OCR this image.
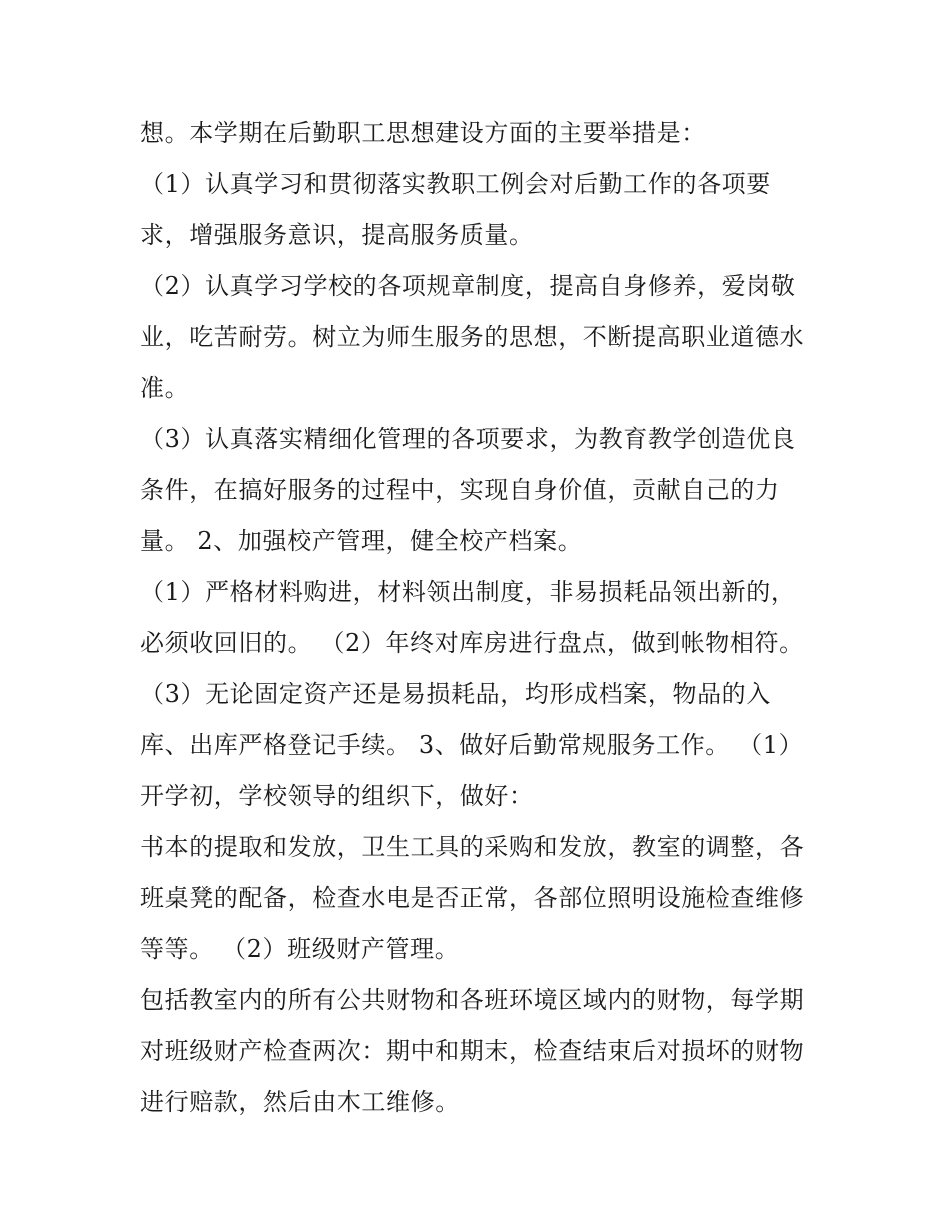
想。本学期在后勤职工思想建设方面的主要举措是：
（1）认真学习和贯彻落实教职工例会对后勤工作的各项要
求，增强服务意识，提高服务质量。
（2）认真学习学校的各项规章制度，提高自身修养，爱岗敬
业，吃苦耐劳。树立为师生服务的思想，不断提高职业道德水
准。
（3）认真落实精细化管理的各项要求，为教育教学创造优良
条件，在搞好服务的过程中，实现自身价值，贡献自己的力
量。 2、加强校产管理，健全校产档案。
（1）严格材料购进，材料领出制度，非易损耗品领出新的，
必须收回旧的。 （2）年终对库房进行盘点，做到帐物相符。
（3）无论固定资产还是易损耗品，均形成档案，物品的入
库、出库严格登记手续。 3、做好后勤常规服务工作。 （1）
开学初，学校领导的组织下，做好：
书本的提取和发放，卫生工具的采购和发放，教室的调整，各
班桌凳的配备，检查水电是否正常，各部位照明设施检查维修
等等。 （2）班级财产管理。
包括教室内的所有公共财物和各班环境区域内的财物，每学期
对班级财产检查两次：期中和期末，检查结束后对损坏的财物
进行赔款，然后由木工维修。
